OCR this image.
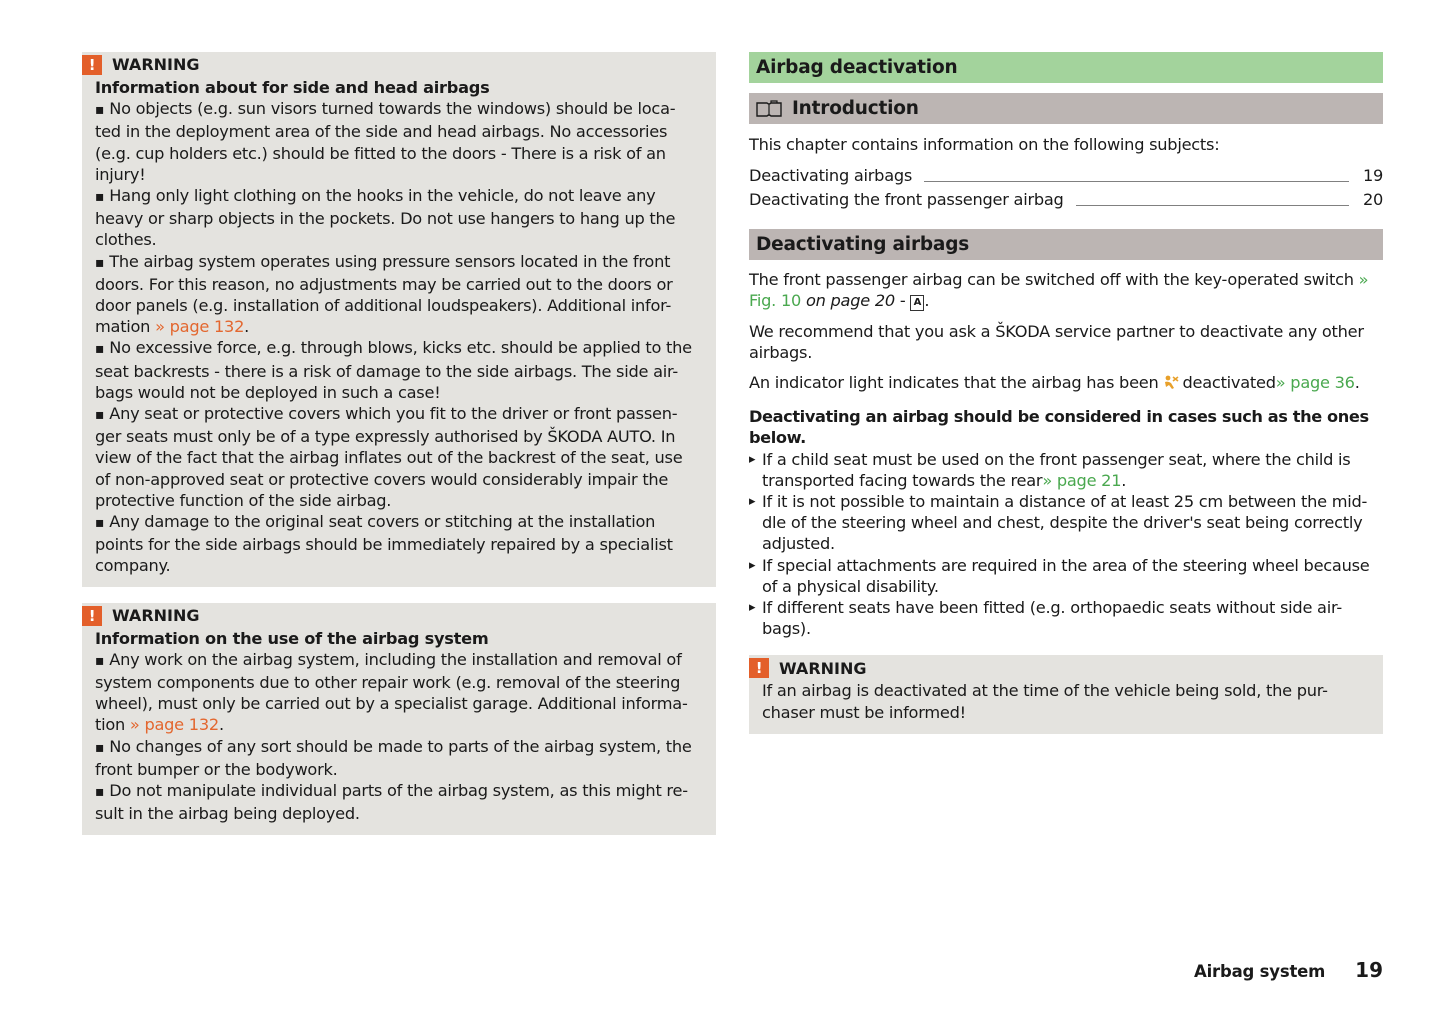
!	WARNING
Information about for side and head airbags
▪ No objects (e.g. sun visors turned towards the windows) should be loca-ted in the deployment area of the side and head airbags. No accessories (e.g. cup holders etc.) should be fitted to the doors - There is a risk of an injury!
▪ Hang only light clothing on the hooks in the vehicle, do not leave any heavy or sharp objects in the pockets. Do not use hangers to hang up the clothes.
▪ The airbag system operates using pressure sensors located in the front doors. For this reason, no adjustments may be carried out to the doors or door panels (e.g. installation of additional loudspeakers). Additional infor-mation » page 132.
▪ No excessive force, e.g. through blows, kicks etc. should be applied to the seat backrests - there is a risk of damage to the side airbags. The side air-bags would not be deployed in such a case!
▪ Any seat or protective covers which you fit to the driver or front passen-ger seats must only be of a type expressly authorised by ŠKODA AUTO. In view of the fact that the airbag inflates out of the backrest of the seat, use of non-approved seat or protective covers would considerably impair the protective function of the side airbag.
▪ Any damage to the original seat covers or stitching at the installation points for the side airbags should be immediately repaired by a specialist company.
!	WARNING
Information on the use of the airbag system
▪ Any work on the airbag system, including the installation and removal of system components due to other repair work (e.g. removal of the steering wheel), must only be carried out by a specialist garage. Additional informa-tion » page 132.
▪ No changes of any sort should be made to parts of the airbag system, the front bumper or the bodywork.
▪ Do not manipulate individual parts of the airbag system, as this might re-sult in the airbag being deployed.
Airbag deactivation
Introduction
This chapter contains information on the following subjects:
Deactivating airbags	19
Deactivating the front passenger airbag	20
Deactivating airbags
The front passenger airbag can be switched off with the key-operated switch » Fig. 10 on page 20 - A .
We recommend that you ask a ŠKODA service partner to deactivate any other airbags.
An indicator light indicates that the airbag has been deactivated» page 36.
Deactivating an airbag should be considered in cases such as the ones below.
▸ If a child seat must be used on the front passenger seat, where the child is transported facing towards the rear» page 21.
▸ If it is not possible to maintain a distance of at least 25 cm between the mid-dle of the steering wheel and chest, despite the driver's seat being correctly adjusted.
▸ If special attachments are required in the area of the steering wheel because of a physical disability.
▸ If different seats have been fitted (e.g. orthopaedic seats without side air-bags).
!	WARNING
If an airbag is deactivated at the time of the vehicle being sold, the pur-chaser must be informed!
Airbag system 19
